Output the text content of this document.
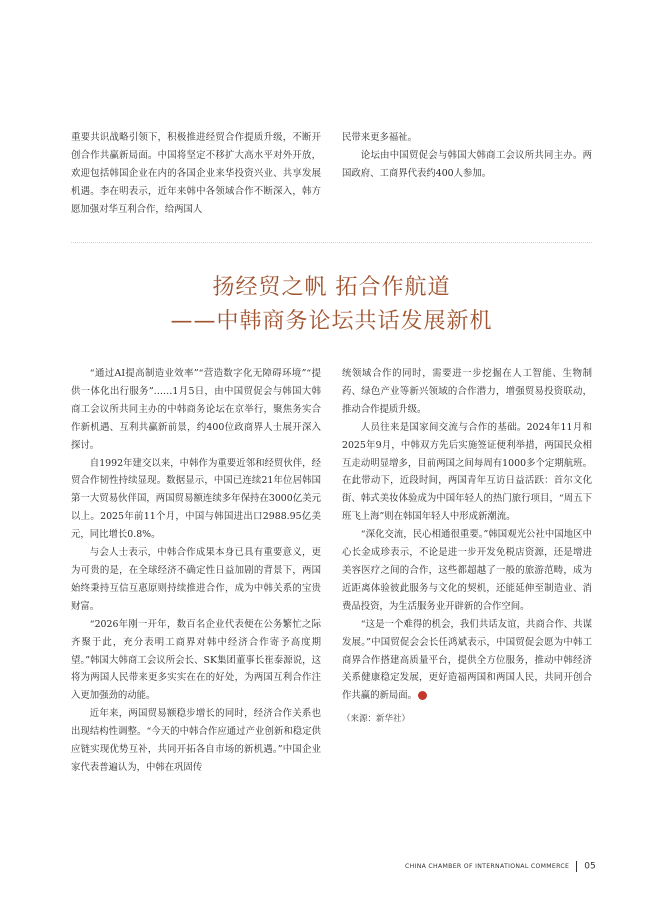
重要共识战略引领下，积极推进经贸合作提质升级，不断开创合作共赢新局面。中国将坚定不移扩大高水平对外开放，欢迎包括韩国企业在内的各国企业来华投资兴业、共享发展机遇。李在明表示，近年来韩中各领域合作不断深入，韩方愿加强对华互利合作，给两国人

民带来更多福祉。

论坛由中国贸促会与韩国大韩商工会议所共同主办。两国政府、工商界代表约400人参加。

扬经贸之帆 拓合作航道
——中韩商务论坛共话发展新机

“通过AI提高制造业效率”“营造数字化无障碍环境”“提供一体化出行服务”……1月5日，由中国贸促会与韩国大韩商工会议所共同主办的中韩商务论坛在京举行，聚焦务实合作新机遇、互利共赢新前景，约400位政商界人士展开深入探讨。

自1992年建交以来，中韩作为重要近邻和经贸伙伴，经贸合作韧性持续显现。数据显示，中国已连续21年位居韩国第一大贸易伙伴国，两国贸易额连续多年保持在3000亿美元以上。2025年前11个月，中国与韩国进出口2988.95亿美元，同比增长0.8%。

与会人士表示，中韩合作成果本身已具有重要意义，更为可贵的是，在全球经济不确定性日益加剧的背景下，两国始终秉持互信互惠原则持续推进合作，成为中韩关系的宝贵财富。

“2026年刚一开年，数百名企业代表便在公务繁忙之际齐聚于此，充分表明工商界对韩中经济合作寄予高度期望。”韩国大韩商工会议所会长、SK集团董事长崔泰源说，这将为两国人民带来更多实实在在的好处，为两国互利合作注入更加强劲的动能。

近年来，两国贸易额稳步增长的同时，经济合作关系也出现结构性调整。“今天的中韩合作应通过产业创新和稳定供应链实现优势互补，共同开拓各自市场的新机遇。”中国企业家代表普遍认为，中韩在巩固传

统领域合作的同时，需要进一步挖掘在人工智能、生物制药、绿色产业等新兴领域的合作潜力，增强贸易投资联动，推动合作提质升级。

人员往来是国家间交流与合作的基础。2024年11月和2025年9月，中韩双方先后实施签证便利举措，两国民众相互走动明显增多，目前两国之间每周有1000多个定期航班。在此带动下，近段时间，两国青年互访日益活跃：首尔文化街、韩式美妆体验成为中国年轻人的热门旅行项目，“周五下班飞上海”则在韩国年轻人中形成新潮流。

“深化交流，民心相通很重要。”韩国观光公社中国地区中心长金成珍表示，不论是进一步开发免税店资源，还是增进美容医疗之间的合作，这些都超越了一般的旅游范畴，成为近距离体验彼此服务与文化的契机，还能延伸至制造业、消费品投资，为生活服务业开辟新的合作空间。

“这是一个难得的机会，我们共话友谊，共商合作、共谋发展。”中国贸促会会长任鸿斌表示，中国贸促会愿为中韩工商界合作搭建高质量平台，提供全方位服务，推动中韩经济关系健康稳定发展，更好造福两国和两国人民，共同开创合作共赢的新局面。

（来源：新华社）

CHINA CHAMBER OF INTERNATIONAL COMMERCE 05
